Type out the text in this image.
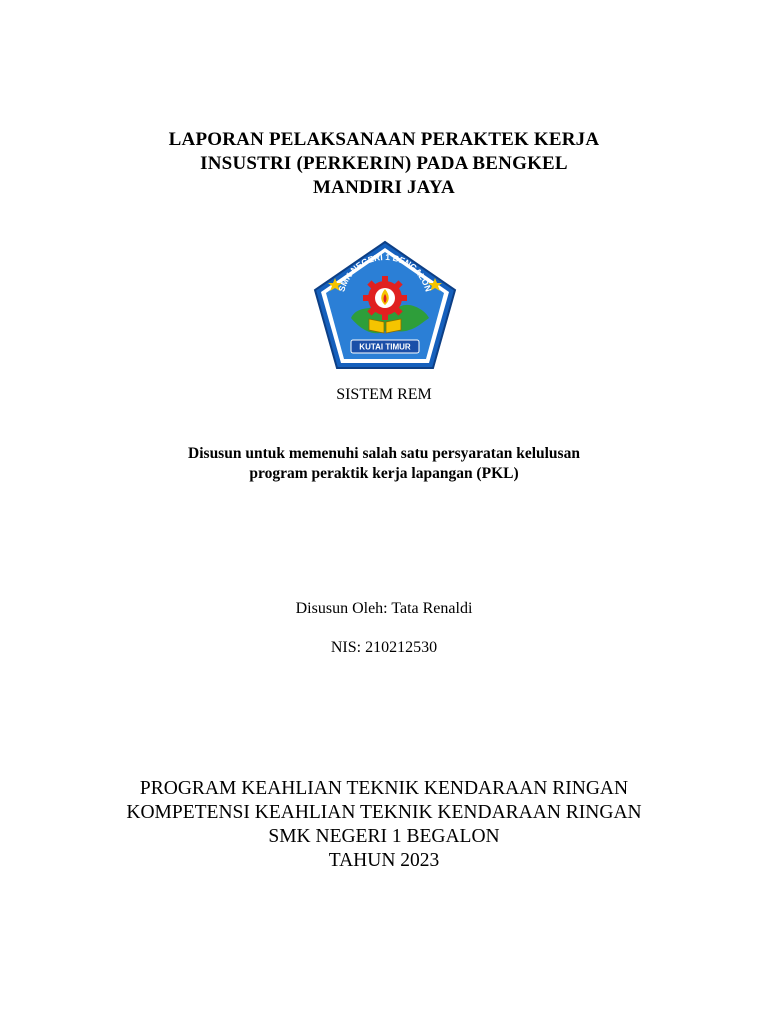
LAPORAN PELAKSANAAN PERAKTEK KERJA
INSUSTRI (PERKERIN) PADA BENGKEL
MANDIRI JAYA
SMK NEGERI 1 BENGALON
KUTAI TIMUR
SISTEM REM
Disusun untuk memenuhi salah satu persyaratan kelulusan
program peraktik kerja lapangan (PKL)
Disusun Oleh: Tata Renaldi
NIS: 210212530
PROGRAM KEAHLIAN TEKNIK KENDARAAN RINGAN
KOMPETENSI KEAHLIAN TEKNIK KENDARAAN RINGAN
SMK NEGERI 1 BEGALON
TAHUN 2023
